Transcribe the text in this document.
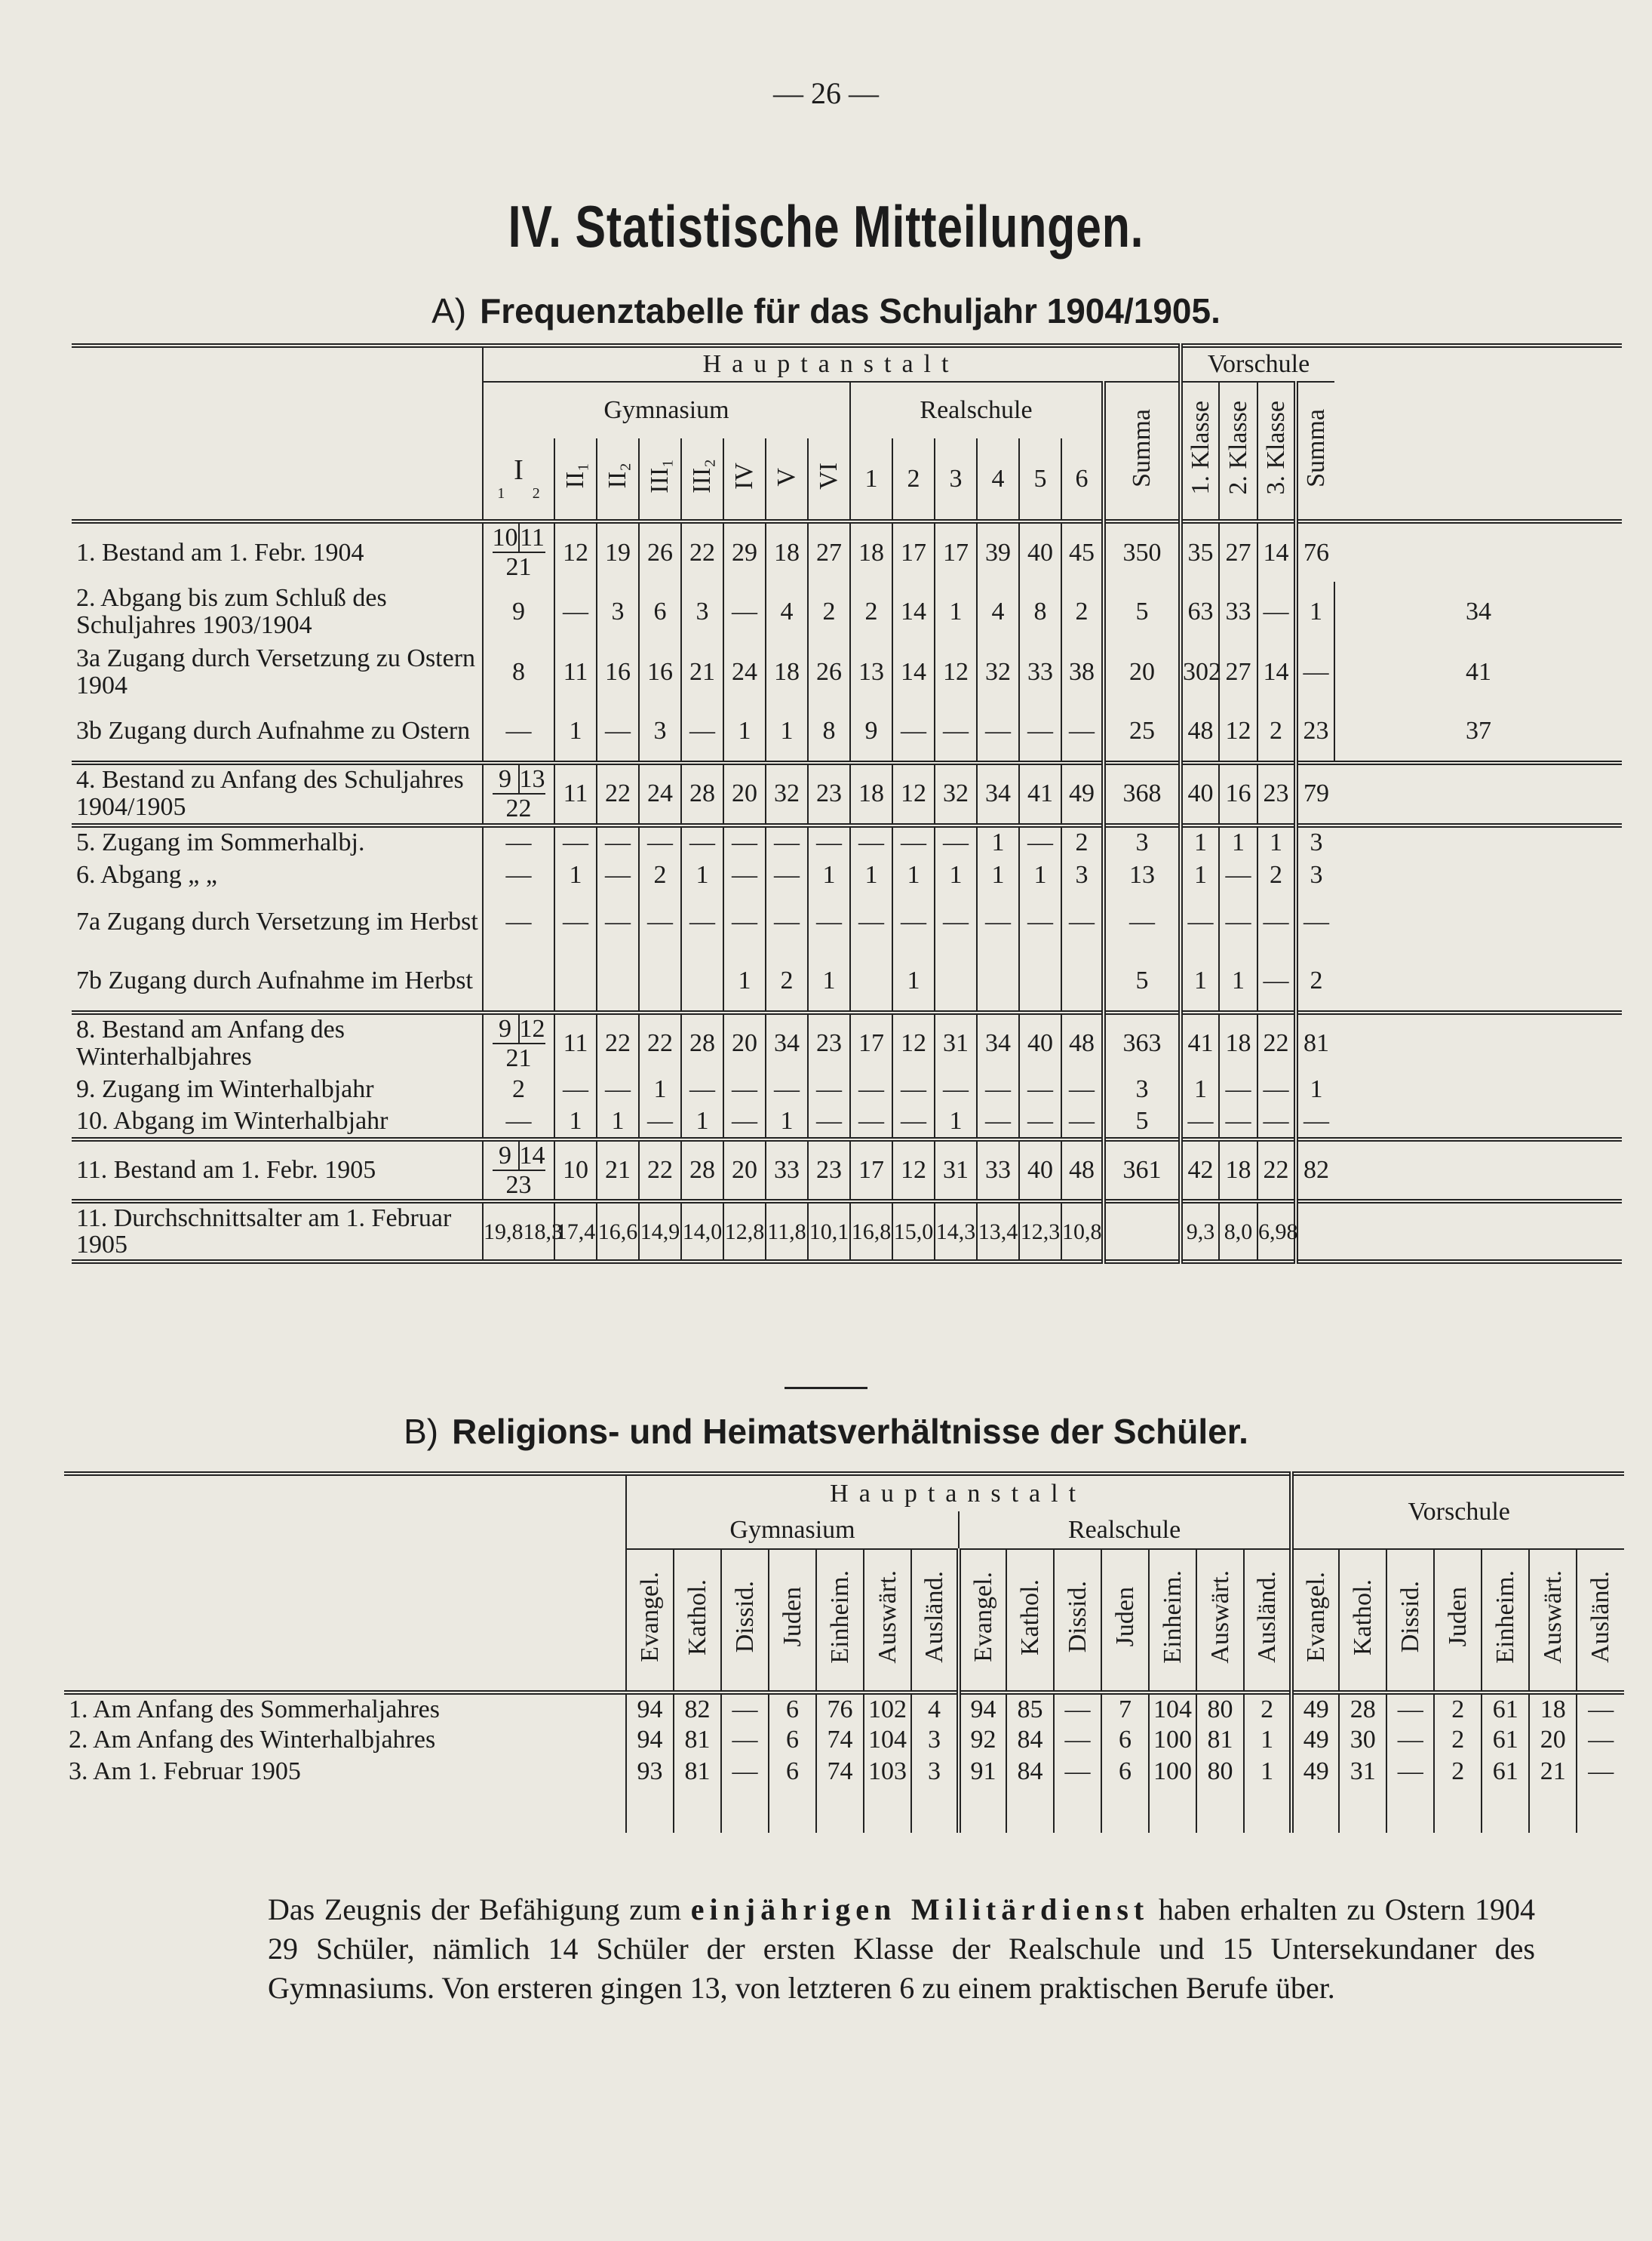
— 26 —
IV. Statistische Mitteilungen.
A) Frequenztabelle für das Schuljahr 1904/1905.
	Hauptanstalt															Vorschule				
	Gymnasium								Realschule						Summa	1. Klasse	2. Klasse	3. Klasse	Summa	

	I
1 2	II₁	II₂	III₁	III₂	IV	V	VI	1	2	3	4	5	6						
1. Bestand am 1. Febr. 1904	$\frac{1011}{21}$	12	19	26	22	29	18	27	18	17	17	39	40	45	350	35	27	14	76	
2. Abgang bis zum Schluß des Schuljahres 1903/1904	9	—	3	6	3	—	4	2	2	14	1	4	8	2	5	63	33	—	1	34
3a Zugang durch Versetzung zu Ostern 1904	8	11	16	16	21	24	18	26	13	14	12	32	33	38	20	302	27	14	—	41
3b Zugang durch Aufnahme zu Ostern	—	1	—	3	—	1	1	8	9	—	—	—	—	—	25	48	12	2	23	37
4. Bestand zu Anfang des Schuljahres 1904/1905	$\frac{9 13}{22}$	11	22	24	28	20	32	23	18	12	32	34	41	49	368	40	16	23	79	
5. Zugang im Sommerhalbj.	—	—	—	—	—	—	—	—	—	—	—	1	—	2	3	1	1	1	3	
6. Abgang „ „	—	1	—	2	1	—	—	1	1	1	1	1	1	3	13	1	—	2	3	
7a Zugang durch Versetzung im Herbst	—	—	—	—	—	—	—	—	—	—	—	—	—	—	—	—	—	—	—	
7b Zugang durch Aufnahme im Herbst						1	2	1		1					5	1	1	—	2	
8. Bestand am Anfang des Winterhalbjahres	$\frac{9 12}{21}$	11	22	22	28	20	34	23	17	12	31	34	40	48	363	41	18	22	81	
9. Zugang im Winterhalbjahr	2	—	—	1	—	—	—	—	—	—	—	—	—	—	3	1	—	—	1	
10. Abgang im Winterhalbjahr	—	1	1	—	1	—	1	—	—	—	1	—	—	—	5	—	—	—	—	
11. Bestand am 1. Febr. 1905	$\frac{9 14}{23}$	10	21	22	28	20	33	23	17	12	31	33	40	48	361	42	18	22	82	
11. Durchschnittsalter am 1. Februar 1905	19,8 18,3	17,4	16,6	14,9	14,0	12,8	11,8	10,1	16,8	15,0	14,3	13,4	12,3	10,8		9,3	8,0	6,98		

B) Religions- und Heimatsverhältnisse der Schüler.
	Hauptanstalt														Vorschule						
	Gymnasium							Realschule													
	Evangel.	Kathol.	Dissid.	Juden	Einheim.	Auswärt.	Ausländ.	Evangel.	Kathol.	Dissid.	Juden	Einheim.	Auswärt.	Ausländ.	Evangel.	Kathol.	Dissid.	Juden	Einheim.	Auswärt.	Ausländ.
1. Am Anfang des Sommerhaljahres	94	82	—	6	76	102	4	94	85	—	7	104	80	2	49	28	—	2	61	18	—
2. Am Anfang des Winterhalbjahres	94	81	—	6	74	104	3	92	84	—	6	100	81	1	49	30	—	2	61	20	—
3. Am 1. Februar 1905	93	81	—	6	74	103	3	91	84	—	6	100	80	1	49	31	—	2	61	21	—

Das Zeugnis der Befähigung zum einjährigen Militärdienst haben erhalten zu Ostern 1904 29 Schüler, nämlich 14 Schüler der ersten Klasse der Realschule und 15 Untersekundaner des Gymnasiums. Von ersteren gingen 13, von letzteren 6 zu einem praktischen Berufe über.
